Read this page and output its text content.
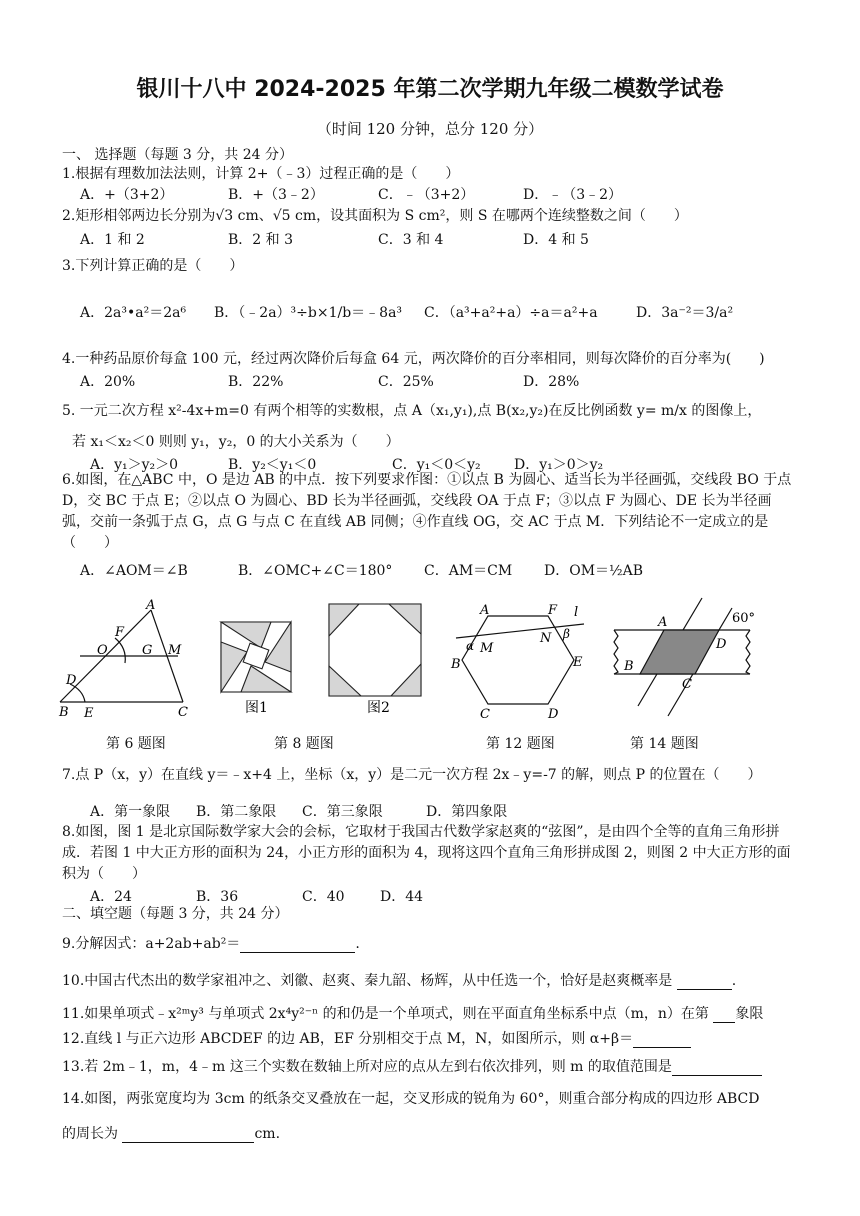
银川十八中 2024-2025 年第二次学期九年级二模数学试卷
（时间 120 分钟，总分 120 分）
一、 选择题（每题 3 分，共 24 分）
1.根据有理数加法法则，计算 2+（﹣3）过程正确的是（　　）
A．+（3+2）	B．+（3﹣2）	C．﹣（3+2）	D．﹣（3﹣2）
2.矩形相邻两边长分别为√3 cm、√5 cm，设其面积为 S cm²，则 S 在哪两个连续整数之间（　　）
A．1 和 2	B．2 和 3	C．3 和 4	D．4 和 5
3.下列计算正确的是（　　）
A．2a³•a²＝2a⁶ B．（﹣2a）³÷b×1/b＝﹣8a³ C．（a³+a²+a）÷a＝a²+a	D．3a⁻²＝3/a²
4.一种药品原价每盒 100 元，经过两次降价后每盒 64 元，两次降价的百分率相同，则每次降价的百分率为(　　)
A．20%	B．22%	C．25%	D．28%
5. 一元二次方程 x²-4x+m=0 有两个相等的实数根，点 A（x₁,y₁),点 B(x₂,y₂)在反比例函数 y= m/x 的图像上，
若 x₁＜x₂＜0 则则 y₁，y₂，0 的大小关系为（　　）
A．y₁＞y₂＞0	B．y₂＜y₁＜0	C．y₁＜0＜y₂ D．y₁＞0＞y₂
6.如图，在△ABC 中，O 是边 AB 的中点．按下列要求作图：①以点 B 为圆心、适当长为半径画弧，交线段 BO 于点 D，交 BC 于点 E；②以点 O 为圆心、BD 长为半径画弧，交线段 OA 于点 F；③以点 F 为圆心、DE 长为半径画弧，交前一条弧于点 G，点 G 与点 C 在直线 AB 同侧；④作直线 OG，交 AC 于点 M．下列结论不一定成立的是（　　）
A．∠AOM＝∠B	B．∠OMC+∠C＝180° C．AM＝CM D．OM＝½AB
A
F
O	G M
D
B E	C	图1	图2
A	F l
α M
N β
B	E
C	D
A	60°
D
B
C
第 6 题图	第 8 题图	第 12 题图	第 14 题图
7.点 P（x，y）在直线 y＝﹣x+4 上，坐标（x，y）是二元一次方程 2x﹣y=-7 的解，则点 P 的位置在（　　）
A．第一象限 B．第二象限 C．第三象限	D．第四象限
8.如图，图 1 是北京国际数学家大会的会标，它取材于我国古代数学家赵爽的“弦图”，是由四个全等的直角三角形拼成．若图 1 中大正方形的面积为 24，小正方形的面积为 4，现将这四个直角三角形拼成图 2，则图 2 中大正方形的面积为（　　）
A．24	B．36	C．40	D．44
二、填空题（每题 3 分，共 24 分）
9.分解因式：a+2ab+ab²＝	.
10.中国古代杰出的数学家祖冲之、刘徽、赵爽、秦九韶、杨辉，从中任选一个，恰好是赵爽概率是	.
11.如果单项式﹣x²ᵐy³ 与单项式 2x⁴y²⁻ⁿ 的和仍是一个单项式，则在平面直角坐标系中点（m，n）在第 象限
12.直线 l 与正六边形 ABCDEF 的边 AB，EF 分别相交于点 M，N，如图所示，则 α+β＝
13.若 2m﹣1，m，4﹣m 这三个实数在数轴上所对应的点从左到右依次排列，则 m 的取值范围是
14.如图，两张宽度均为 3cm 的纸条交叉叠放在一起，交叉形成的锐角为 60°，则重合部分构成的四边形 ABCD
的周长为	cm.
